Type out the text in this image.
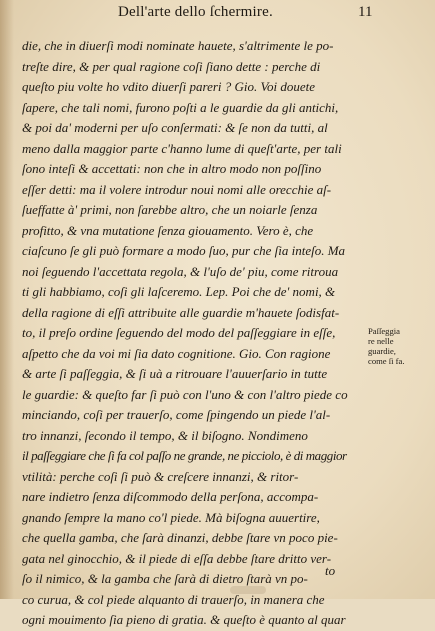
Dell'arte dello ſchermire.	11
die, che in diuerſi modi nominate hauete, s'altrimente le po-
treſte dire, & per qual ragione coſi ſiano dette : perche di
queſto piu volte ho vdito diuerſi pareri ? Gio. Voi douete
ſapere, che tali nomi, furono poſti a le guardie da gli antichi,
& poi da' moderni per uſo conſermati: & ſe non da tutti, al
meno dalla maggior parte c'hanno lume di queſt'arte, per tali
ſono inteſi & accettati: non che in altro modo non poſſino
eſſer detti: ma il volere introdur noui nomi alle orecchie aſ-
ſueffatte à' primi, non ſarebbe altro, che un noiarle ſenza
profitto, & vna mutatione ſenza giouamento. Vero è, che
ciaſcuno ſe gli può formare a modo ſuo, pur che ſia inteſo. Ma
noi ſeguendo l'accettata regola, & l'uſo de' piu, come ritroua
ti gli habbiamo, coſi gli laſceremo. Lep. Poi che de' nomi, &
della ragione di eſſi attribuite alle guardie m'hauete ſodisfat-
to, il preſo ordine ſeguendo del modo del paſſeggiare in eſſe,
aſpetto che da voi mi ſia dato cognitione. Gio. Con ragione
& arte ſi paſſeggia, & ſi uà a ritrouare l'auuerſario in tutte
le guardie: & queſto far ſi può con l'uno & con l'altro piede co
minciando, coſi per trauerſo, come ſpingendo un piede l'al-
tro innanzi, ſecondo il tempo, & il biſogno. Nondimeno
il paſſeggiare che ſi fa col paſſo ne grande, ne picciolo, è di maggior
vtilità: perche coſi ſi può & creſcere innanzi, & ritor-
nare indietro ſenza diſcommodo della perſona, accompa-
gnando ſempre la mano co'l piede. Mà biſogna auuertire,
che quella gamba, che ſarà dinanzi, debbe ſtare vn poco pie-
gata nel ginocchio, & il piede di eſſa debbe ſtare dritto ver-
ſo il nimico, & la gamba che ſarà di dietro ſtarà vn po-
co curua, & col piede alquanto di trauerſo, in manera che
ogni mouimento ſia pieno di gratia. & queſto è quanto al quar
Paſſeggia
re nelle
guardie,
come ſi fa.
to
